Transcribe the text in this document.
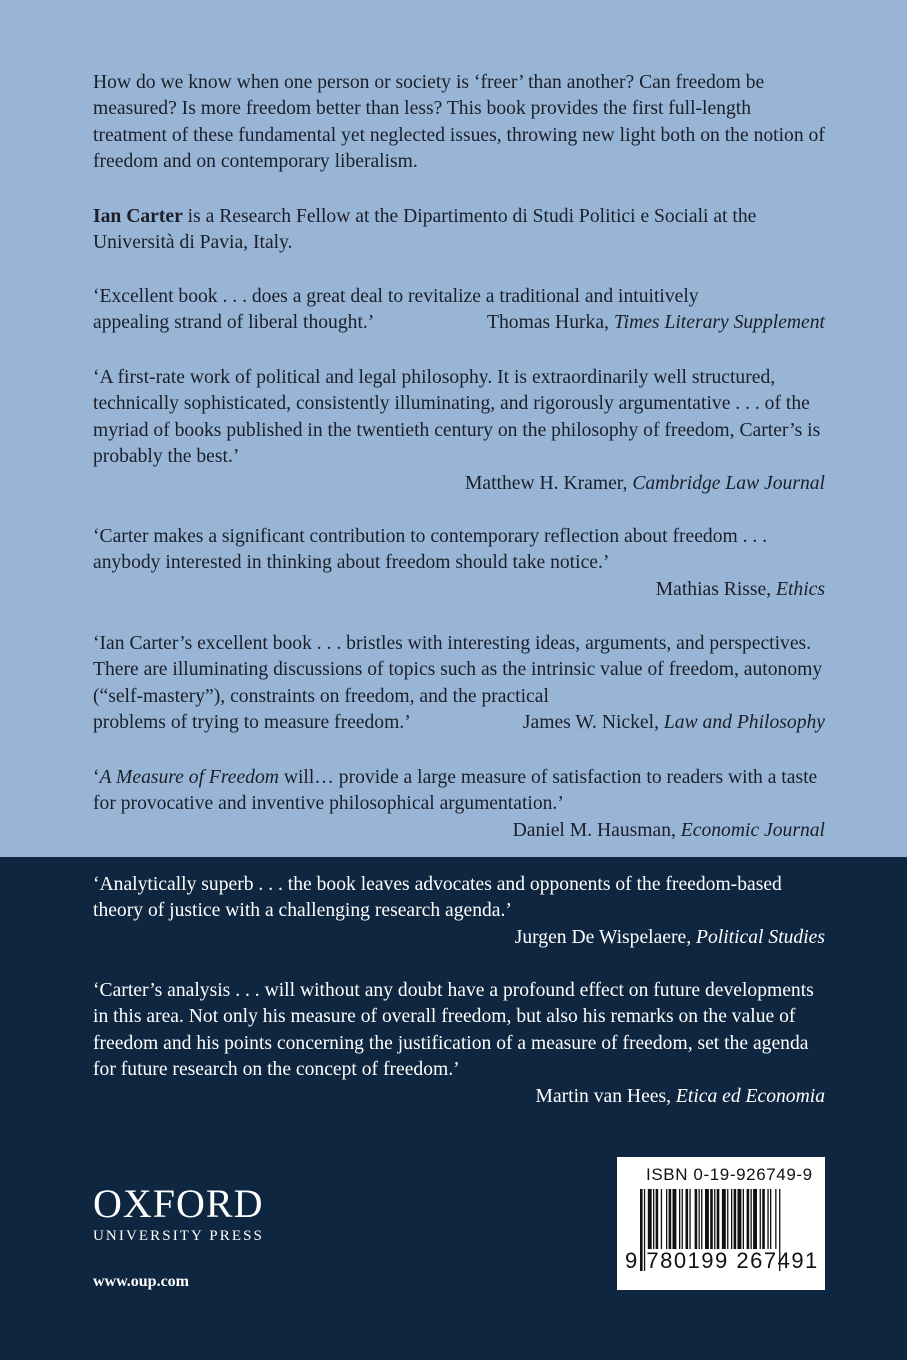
How do we know when one person or society is ‘freer’ than another? Can freedom be measured? Is more freedom better than less? This book provides the first full-length treatment of these fundamental yet neglected issues, throwing new light both on the notion of freedom and on contemporary liberalism.

Ian Carter is a Research Fellow at the Dipartimento di Studi Politici e Sociali at the Università di Pavia, Italy.

‘Excellent book . . . does a great deal to revitalize a traditional and intuitively

appealing strand of liberal thought.’	Thomas Hurka, Times Literary Supplement

‘A first-rate work of political and legal philosophy. It is extraordinarily well structured, technically sophisticated, consistently illuminating, and rigorously argumentative . . . of the myriad of books published in the twentieth century on the philosophy of freedom, Carter’s is probably the best.’

Matthew H. Kramer, Cambridge Law Journal

‘Carter makes a significant contribution to contemporary reflection about freedom . . . anybody interested in thinking about freedom should take notice.’

Mathias Risse, Ethics

‘Ian Carter’s excellent book . . . bristles with interesting ideas, arguments, and perspectives. There are illuminating discussions of topics such as the intrinsic value of freedom, autonomy (“self-mastery”), constraints on freedom, and the practical

problems of trying to measure freedom.’	James W. Nickel, Law and Philosophy

‘A Measure of Freedom will… provide a large measure of satisfaction to readers with a taste for provocative and inventive philosophical argumentation.’

Daniel M. Hausman, Economic Journal

‘Analytically superb . . . the book leaves advocates and opponents of the freedom-based theory of justice with a challenging research agenda.’

Jurgen De Wispelaere, Political Studies

‘Carter’s analysis . . . will without any doubt have a profound effect on future developments in this area. Not only his measure of overall freedom, but also his remarks on the value of freedom and his points concerning the justification of a measure of freedom, set the agenda for future research on the concept of freedom.’

Martin van Hees, Etica ed Economia
OXFORD
UNIVERSITY PRESS
www.oup.com
ISBN 0-19-926749-9
9 780199 267491
